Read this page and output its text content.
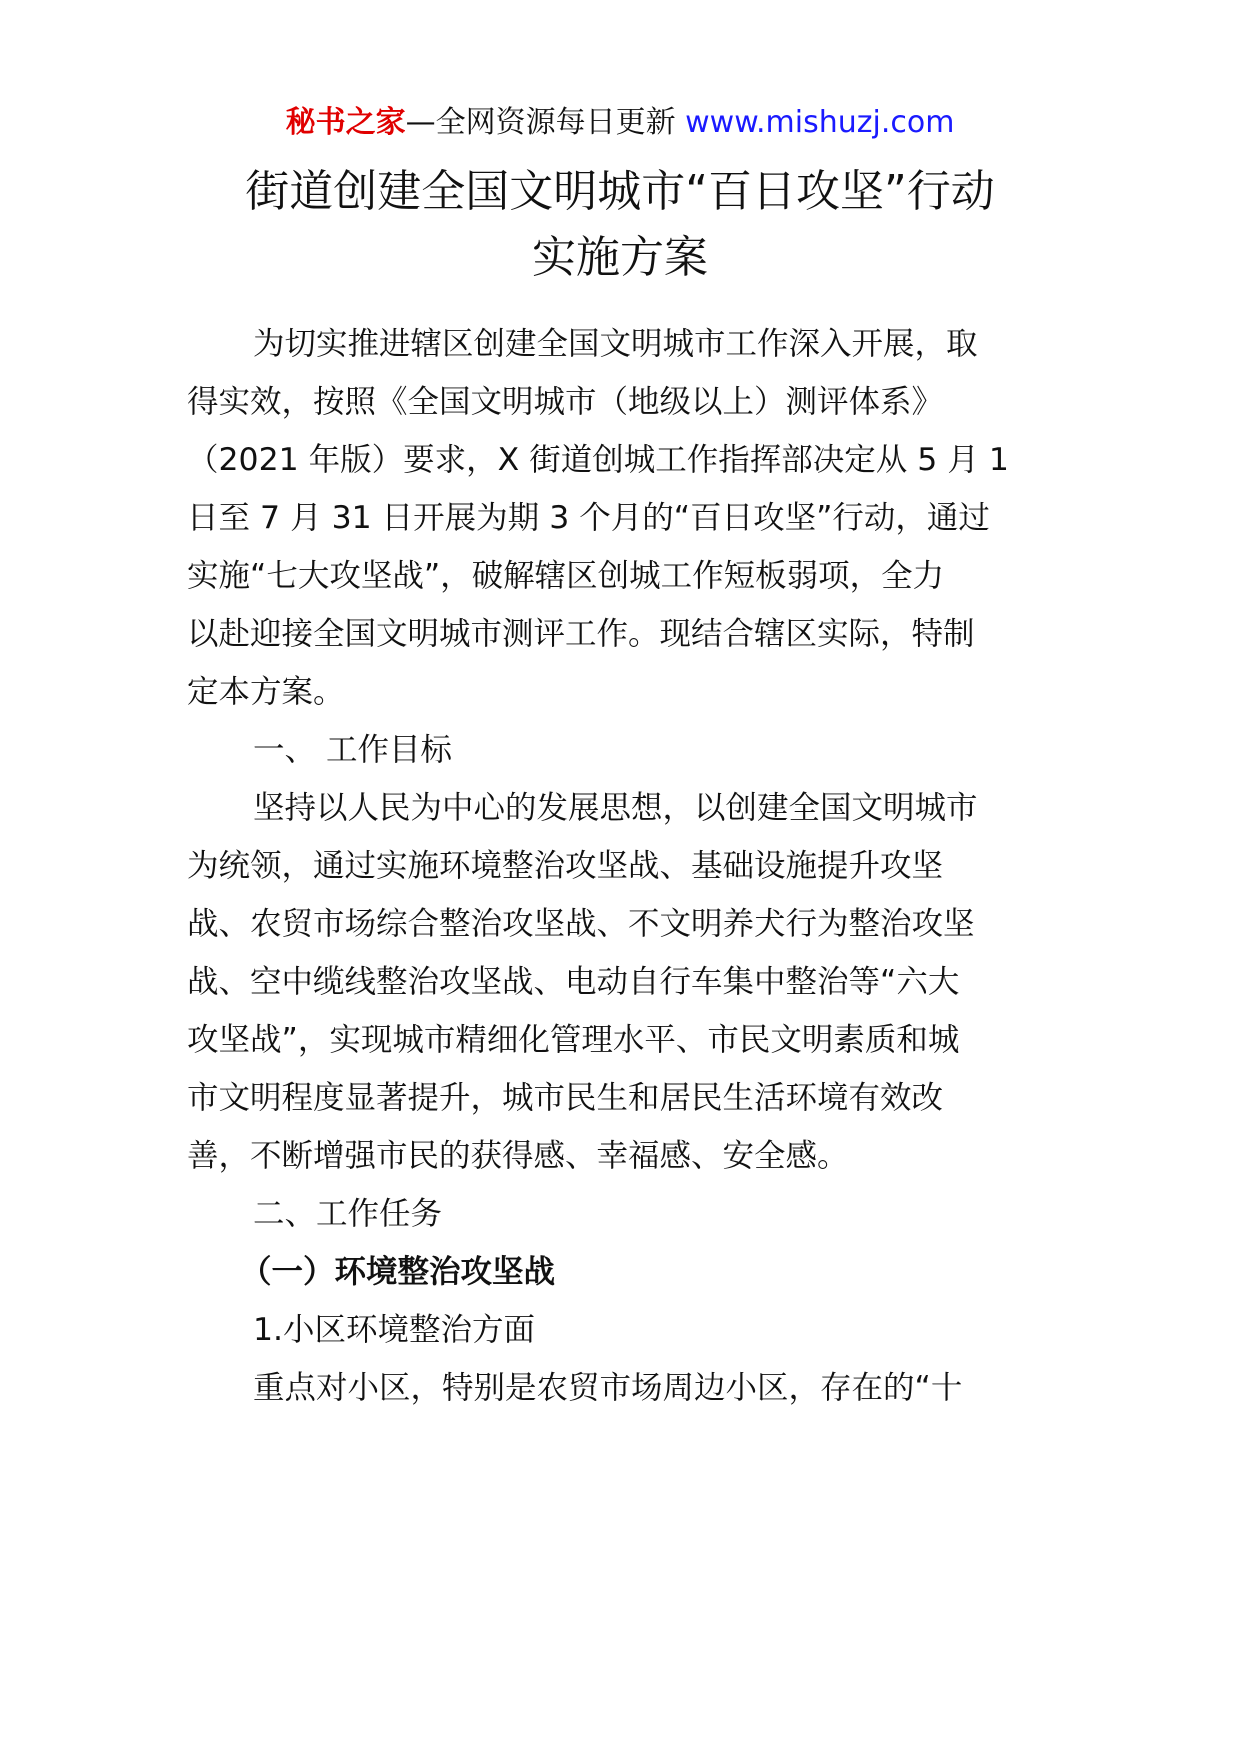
秘书之家—全网资源每日更新 www.mishuzj.com
街道创建全国文明城市“百日攻坚”行动
实施方案
为切实推进辖区创建全国文明城市工作深入开展，取
得实效，按照《全国文明城市（地级以上）测评体系》
（2021 年版）要求，X 街道创城工作指挥部决定从 5 月 1
日至 7 月 31 日开展为期 3 个月的“百日攻坚”行动，通过
实施“七大攻坚战”，破解辖区创城工作短板弱项，全力
以赴迎接全国文明城市测评工作。现结合辖区实际，特制
定本方案。
一、 工作目标
坚持以人民为中心的发展思想，以创建全国文明城市
为统领，通过实施环境整治攻坚战、基础设施提升攻坚
战、农贸市场综合整治攻坚战、不文明养犬行为整治攻坚
战、空中缆线整治攻坚战、电动自行车集中整治等“六大
攻坚战”，实现城市精细化管理水平、市民文明素质和城
市文明程度显著提升，城市民生和居民生活环境有效改
善，不断增强市民的获得感、幸福感、安全感。
二、工作任务
（一）环境整治攻坚战
1.小区环境整治方面
重点对小区，特别是农贸市场周边小区，存在的“十
